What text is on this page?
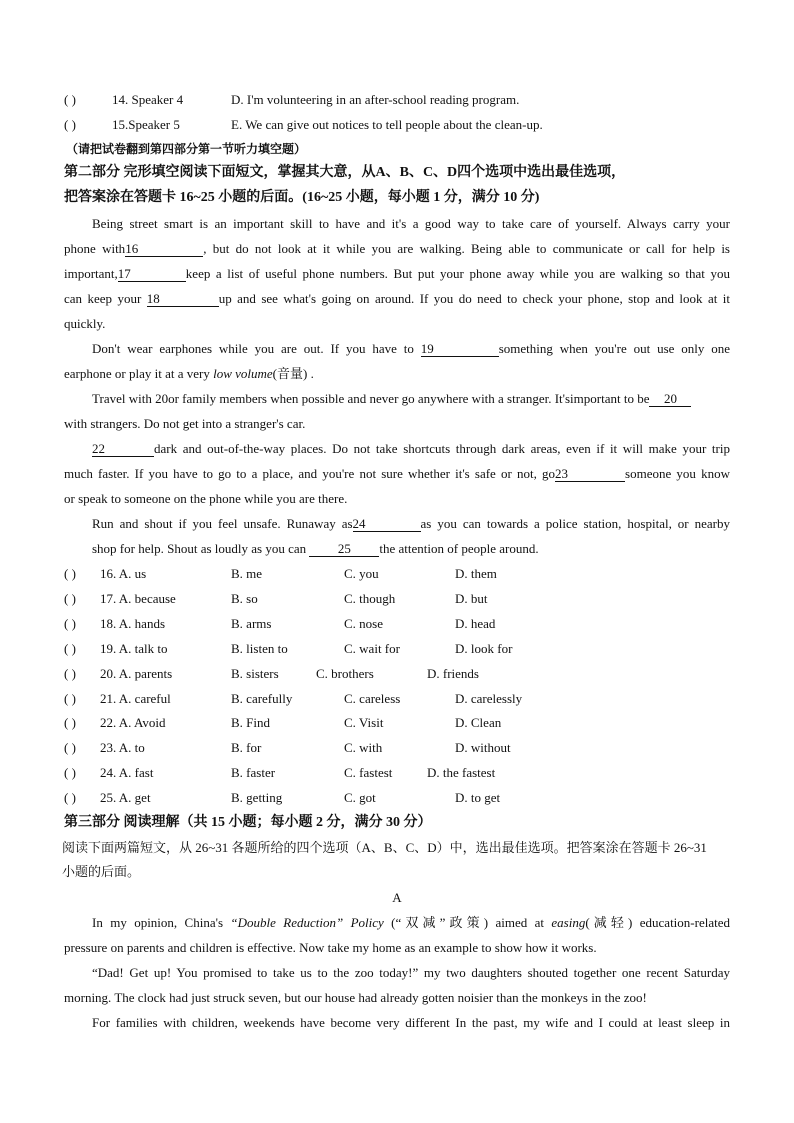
( )	14. Speaker 4	D. I'm volunteering in an after-school reading program.
( )	15.Speaker 5	E. We can give out notices to tell people about the clean-up.
（请把试卷翻到第四部分第一节听力填空题）
第二部分 完形填空阅读下面短文，掌握其大意，从A、B、C、D四个选项中选出最佳选项，
把答案涂在答题卡 16~25 小题的后面。(16~25 小题，每小题 1 分，满分 10 分)
Being street smart is an important skill to have and it's a good way to take care of yourself. Always carry your
phone with16	, but do not look at it while you are walking. Being able to communicate or call for help is
important,17	keep a list of useful phone numbers. But put your phone away while you are walking so that you
can keep your 18	up and see what's going on around. If you do need to check your phone, stop and look at it
quickly.
Don't wear earphones while you are out. If you have to 19	something when you're out use only one
earphone or play it at a very low volume(音量) .
Travel with 20or family members when possible and never go anywhere with a stranger. It'simportant to be 20
with strangers. Do not get into a stranger's car.
22	dark and out-of-the-way places. Do not take shortcuts through dark areas, even if it will make your trip
much faster. If you have to go to a place, and you're not sure whether it's safe or not, go23	someone you know
or speak to someone on the phone while you are there.
Run and shout if you feel unsafe. Runaway as24	as you can towards a police station, hospital, or nearby
shop for help. Shout as loudly as you can 25 the attention of people around.
( ) 16. A. us	B. me	C. you	D. them
( ) 17. A. because	B. so	C. though	D. but
( ) 18. A. hands	B. arms	C. nose	D. head
( ) 19. A. talk to	B. listen to	C. wait for	D. look for
( ) 20. A. parents	B. sisters	C. brothers	D. friends
( ) 21. A. careful	B. carefully	C. careless	D. carelessly
( ) 22. A. Avoid	B. Find	C. Visit	D. Clean
( ) 23. A. to	B. for	C. with	D. without
( ) 24. A. fast	B. faster	C. fastest	D. the fastest
( ) 25. A. get	B. getting	C. got	D. to get
第三部分 阅读理解（共 15 小题；每小题 2 分，满分 30 分）
阅读下面两篇短文，从 26~31 各题所给的四个选项（A、B、C、D）中，选出最佳选项。把答案涂在答题卡 26~31
小题的后面。
A
In my opinion, China's “Double Reduction” Policy (“双减”政策) aimed at easing(减轻) education-related
pressure on parents and children is effective. Now take my home as an example to show how it works.
“Dad! Get up! You promised to take us to the zoo today!” my two daughters shouted together one recent Saturday
morning. The clock had just struck seven, but our house had already gotten noisier than the monkeys in the zoo!
For families with children, weekends have become very different In the past, my wife and I could at least sleep in
